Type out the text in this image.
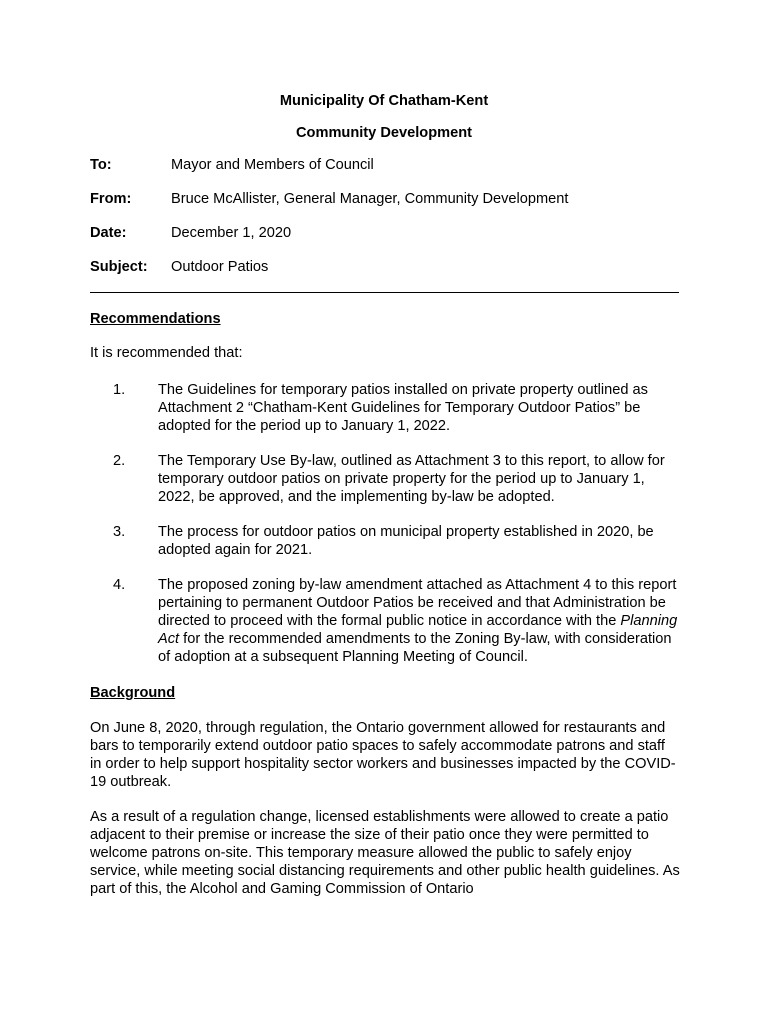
Municipality Of Chatham-Kent
Community Development
To:	Mayor and Members of Council
From:	Bruce McAllister, General Manager, Community Development
Date:	December 1, 2020
Subject:	Outdoor Patios
Recommendations
It is recommended that:
1.	The Guidelines for temporary patios installed on private property outlined as Attachment 2 “Chatham-Kent Guidelines for Temporary Outdoor Patios” be adopted for the period up to January 1, 2022.
2.	The Temporary Use By-law, outlined as Attachment 3 to this report, to allow for temporary outdoor patios on private property for the period up to January 1, 2022, be approved, and the implementing by-law be adopted.
3.	The process for outdoor patios on municipal property established in 2020, be adopted again for 2021.
4.	The proposed zoning by-law amendment attached as Attachment 4 to this report pertaining to permanent Outdoor Patios be received and that Administration be directed to proceed with the formal public notice in accordance with the Planning Act for the recommended amendments to the Zoning By-law, with consideration of adoption at a subsequent Planning Meeting of Council.
Background

On June 8, 2020, through regulation, the Ontario government allowed for restaurants and bars to temporarily extend outdoor patio spaces to safely accommodate patrons and staff in order to help support hospitality sector workers and businesses impacted by the COVID-19 outbreak.

As a result of a regulation change, licensed establishments were allowed to create a patio adjacent to their premise or increase the size of their patio once they were permitted to welcome patrons on-site. This temporary measure allowed the public to safely enjoy service, while meeting social distancing requirements and other public health guidelines. As part of this, the Alcohol and Gaming Commission of Ontario
